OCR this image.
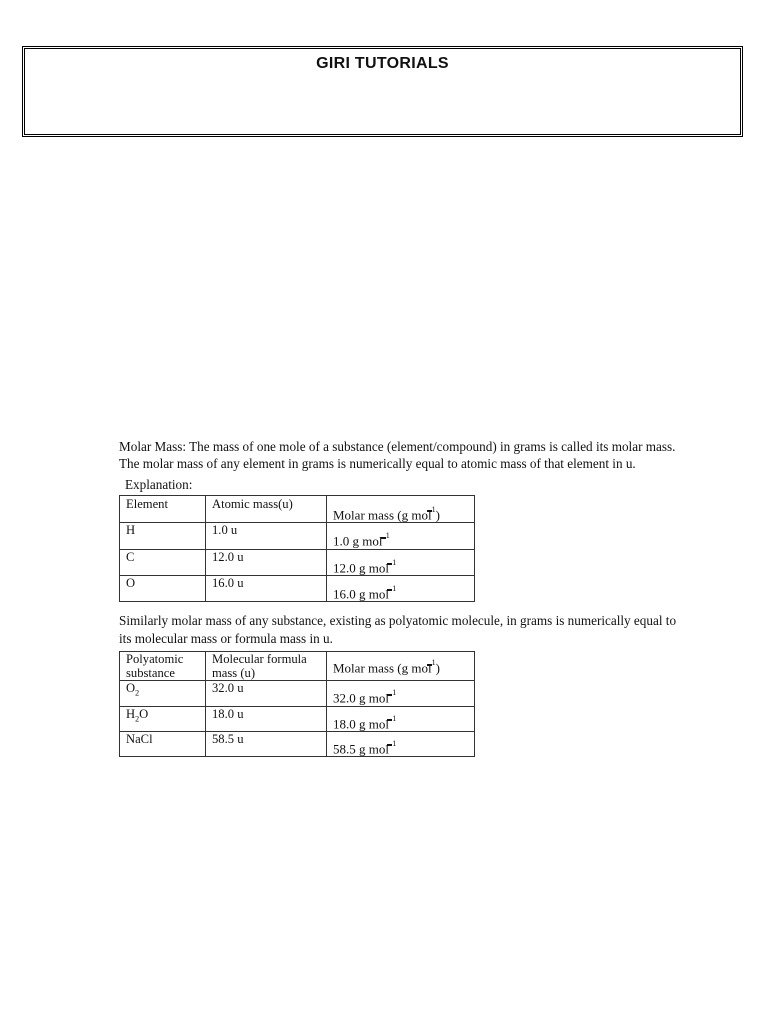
GIRI TUTORIALS

Molar Mass: The mass of one mole of a substance (element/compound) in grams is called its molar mass.

The molar mass of any element in grams is numerically equal to atomic mass of that element in u.

Explanation:

Element	Atomic mass(u)	Molar mass (g mol$^1$)

H	1.0 u	1.0 g mol $^1$

C	12.0 u	12.0 g mol $^1$

O	16.0 u	16.0 g mol $^1$

Similarly molar mass of any substance, existing as polyatomic molecule, in grams is numerically equal to

its molecular mass or formula mass in u.

Polyatomic substance	Molecular formula mass (u)	Molar mass (g mol$^1$)

$O_2$	32.0 u	32.0 g mol $^1$

$H_2O$	18.0 u	18.0 g mol $^1$

NaCl	58.5 u	58.5 g mol $^1$
